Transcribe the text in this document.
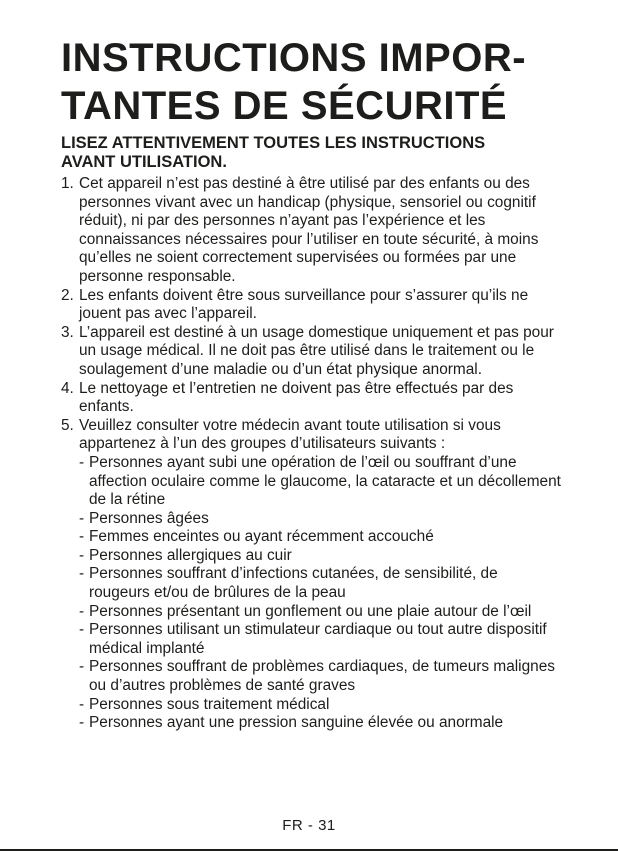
INSTRUCTIONS IMPOR-
TANTES DE SÉCURITÉ
LISEZ ATTENTIVEMENT TOUTES LES INSTRUCTIONS
AVANT UTILISATION.
1. Cet appareil n’est pas destiné à être utilisé par des enfants ou des personnes vivant avec un handicap (physique, sensoriel ou cognitif réduit), ni par des personnes n’ayant pas l’expérience et les connaissances nécessaires pour l’utiliser en toute sécurité, à moins qu’elles ne soient correctement supervisées ou formées par une personne responsable.
2. Les enfants doivent être sous surveillance pour s’assurer qu’ils ne jouent pas avec l’appareil.
3. L’appareil est destiné à un usage domestique uniquement et pas pour un usage médical. Il ne doit pas être utilisé dans le traitement ou le soulagement d’une maladie ou d’un état physique anormal.
4. Le nettoyage et l’entretien ne doivent pas être effectués par des enfants.
5. Veuillez consulter votre médecin avant toute utilisation si vous appartenez à l’un des groupes d’utilisateurs suivants :
- Personnes ayant subi une opération de l’œil ou souffrant d’une affection oculaire comme le glaucome, la cataracte et un décollement de la rétine
- Personnes âgées
- Femmes enceintes ou ayant récemment accouché
- Personnes allergiques au cuir
- Personnes souffrant d’infections cutanées, de sensibilité, de rougeurs et/ou de brûlures de la peau
- Personnes présentant un gonflement ou une plaie autour de l’œil
- Personnes utilisant un stimulateur cardiaque ou tout autre dispositif médical implanté
- Personnes souffrant de problèmes cardiaques, de tumeurs malignes ou d’autres problèmes de santé graves
- Personnes sous traitement médical
- Personnes ayant une pression sanguine élevée ou anormale
FR - 31
